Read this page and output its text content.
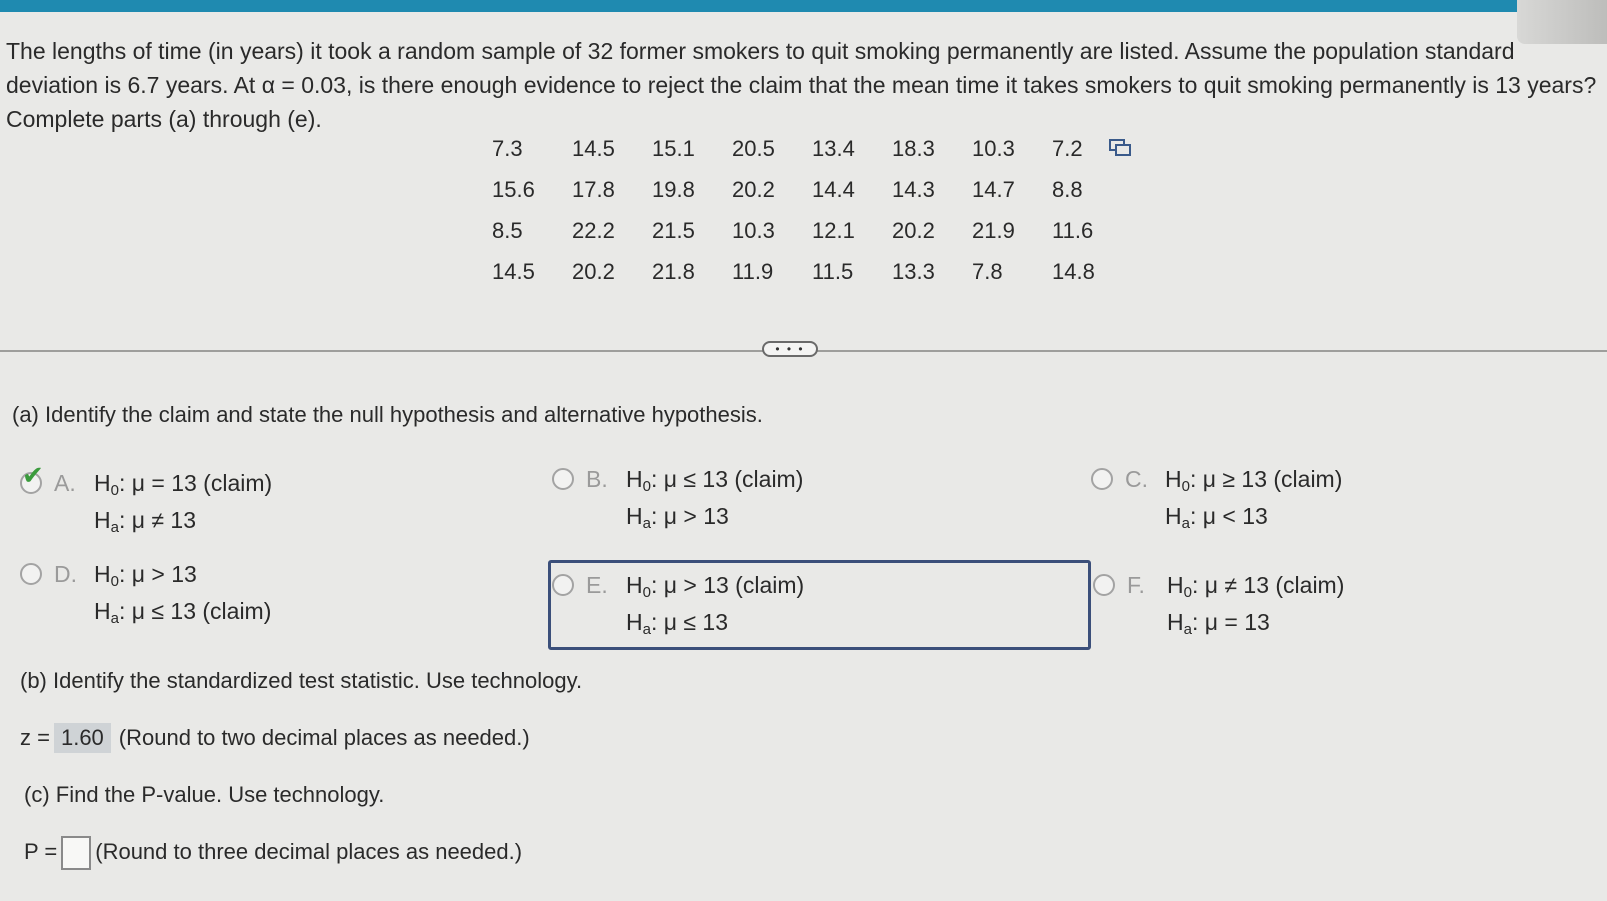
The lengths of time (in years) it took a random sample of 32 former smokers to quit smoking permanently are listed. Assume the population standard deviation is 6.7 years. At α = 0.03, is there enough evidence to reject the claim that the mean time it takes smokers to quit smoking permanently is 13 years? Complete parts (a) through (e).

7.3	14.5	15.1	20.5	13.4	18.3	10.3	7.2
15.6	17.8	19.8	20.2	14.4	14.3	14.7	8.8
8.5	22.2	21.5	10.3	12.1	20.2	21.9	11.6
14.5	20.2	21.8	11.9	11.5	13.3	7.8	14.8
• • •
(a) Identify the claim and state the null hypothesis and alternative hypothesis.
✔ A. $H_0$: μ = 13 (claim)
$H_a$: μ ≠ 13
B. $H_0$: μ ≤ 13 (claim)
$H_a$: μ > 13
C. $H_0$: μ ≥ 13 (claim)
$H_a$: μ < 13
D. $H_0$: μ > 13
$H_a$: μ ≤ 13 (claim)
E. $H_0$: μ > 13 (claim)
$H_a$: μ ≤ 13
F. $H_0$: μ ≠ 13 (claim)
$H_a$: μ = 13
(b) Identify the standardized test statistic. Use technology.
z = 1.60 (Round to two decimal places as needed.)
(c) Find the P-value. Use technology.
P = (Round to three decimal places as needed.)
